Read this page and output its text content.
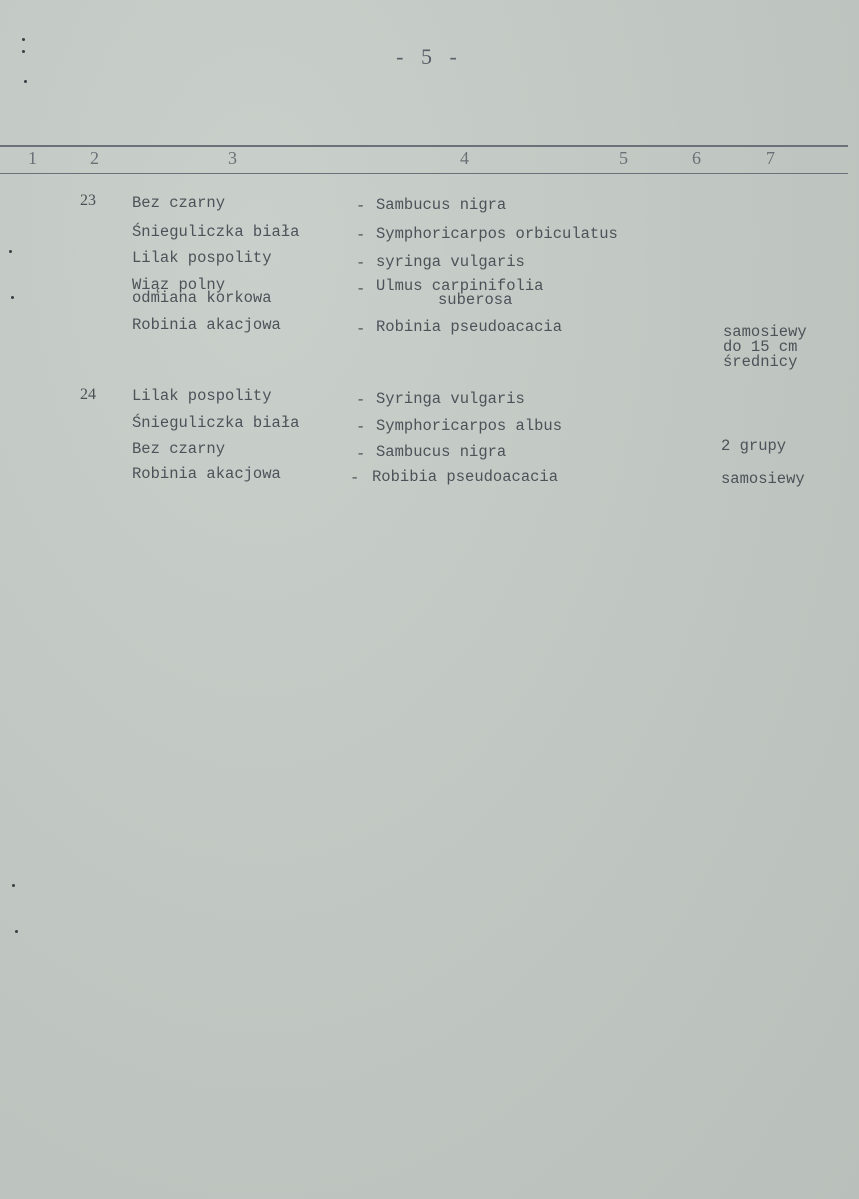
- 5 -
1	2	3	4	5	6	7
23 Bez czarny	- Sambucus nigra
Śnieguliczka biała	- Symphoricarpos orbiculatus
Lilak pospolity	- syringa vulgaris
Wiąz polny
odmiana korkowa	- Ulmus carpinifolia
suberosa
Robinia akacjowa	- Robinia pseudoacacia	samosiewy
do 15 cm
średnicy
24 Lilak pospolity	- Syringa vulgaris
Śnieguliczka biała	- Symphoricarpos albus
Bez czarny	- Sambucus nigra	2 grupy
Robinia akacjowa	- Robibia pseudoacacia	samosiewy
